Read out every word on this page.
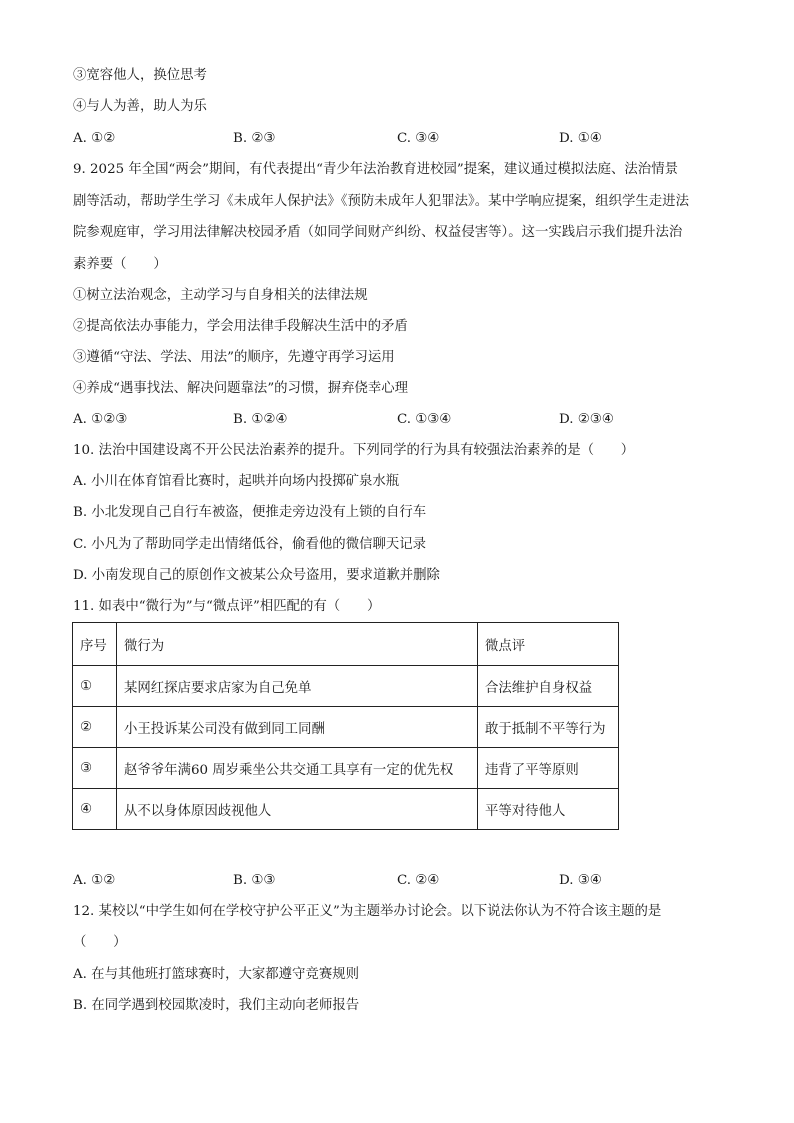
③宽容他人，换位思考
④与人为善，助人为乐
A. ①②	B. ②③	C. ③④	D. ①④
9. 2025 年全国“两会”期间，有代表提出“青少年法治教育进校园”提案，建议通过模拟法庭、法治情景
剧等活动，帮助学生学习《未成年人保护法》《预防未成年人犯罪法》。某中学响应提案，组织学生走进法
院参观庭审，学习用法律解决校园矛盾（如同学间财产纠纷、权益侵害等）。这一实践启示我们提升法治
素养要（　　）
①树立法治观念，主动学习与自身相关的法律法规
②提高依法办事能力，学会用法律手段解决生活中的矛盾
③遵循“守法、学法、用法”的顺序，先遵守再学习运用
④养成“遇事找法、解决问题靠法”的习惯，摒弃侥幸心理
A. ①②③	B. ①②④	C. ①③④	D. ②③④
10. 法治中国建设离不开公民法治素养的提升。下列同学的行为具有较强法治素养的是（　　）
A. 小川在体育馆看比赛时，起哄并向场内投掷矿泉水瓶
B. 小北发现自己自行车被盗，便推走旁边没有上锁的自行车
C. 小凡为了帮助同学走出情绪低谷，偷看他的微信聊天记录
D. 小南发现自己的原创作文被某公众号盗用，要求道歉并删除
11. 如表中“微行为”与“微点评”相匹配的有（　　）
序号	微行为	微点评
①	某网红探店要求店家为自己免单	合法维护自身权益
②	小王投诉某公司没有做到同工同酬	敢于抵制不平等行为
③	赵爷爷年满60 周岁乘坐公共交通工具享有一定的优先权	违背了平等原则
④	从不以身体原因歧视他人	平等对待他人
A. ①②	B. ①③	C. ②④	D. ③④
12. 某校以“中学生如何在学校守护公平正义”为主题举办讨论会。以下说法你认为不符合该主题的是
（　　）
A. 在与其他班打篮球赛时，大家都遵守竞赛规则
B. 在同学遇到校园欺凌时，我们主动向老师报告
